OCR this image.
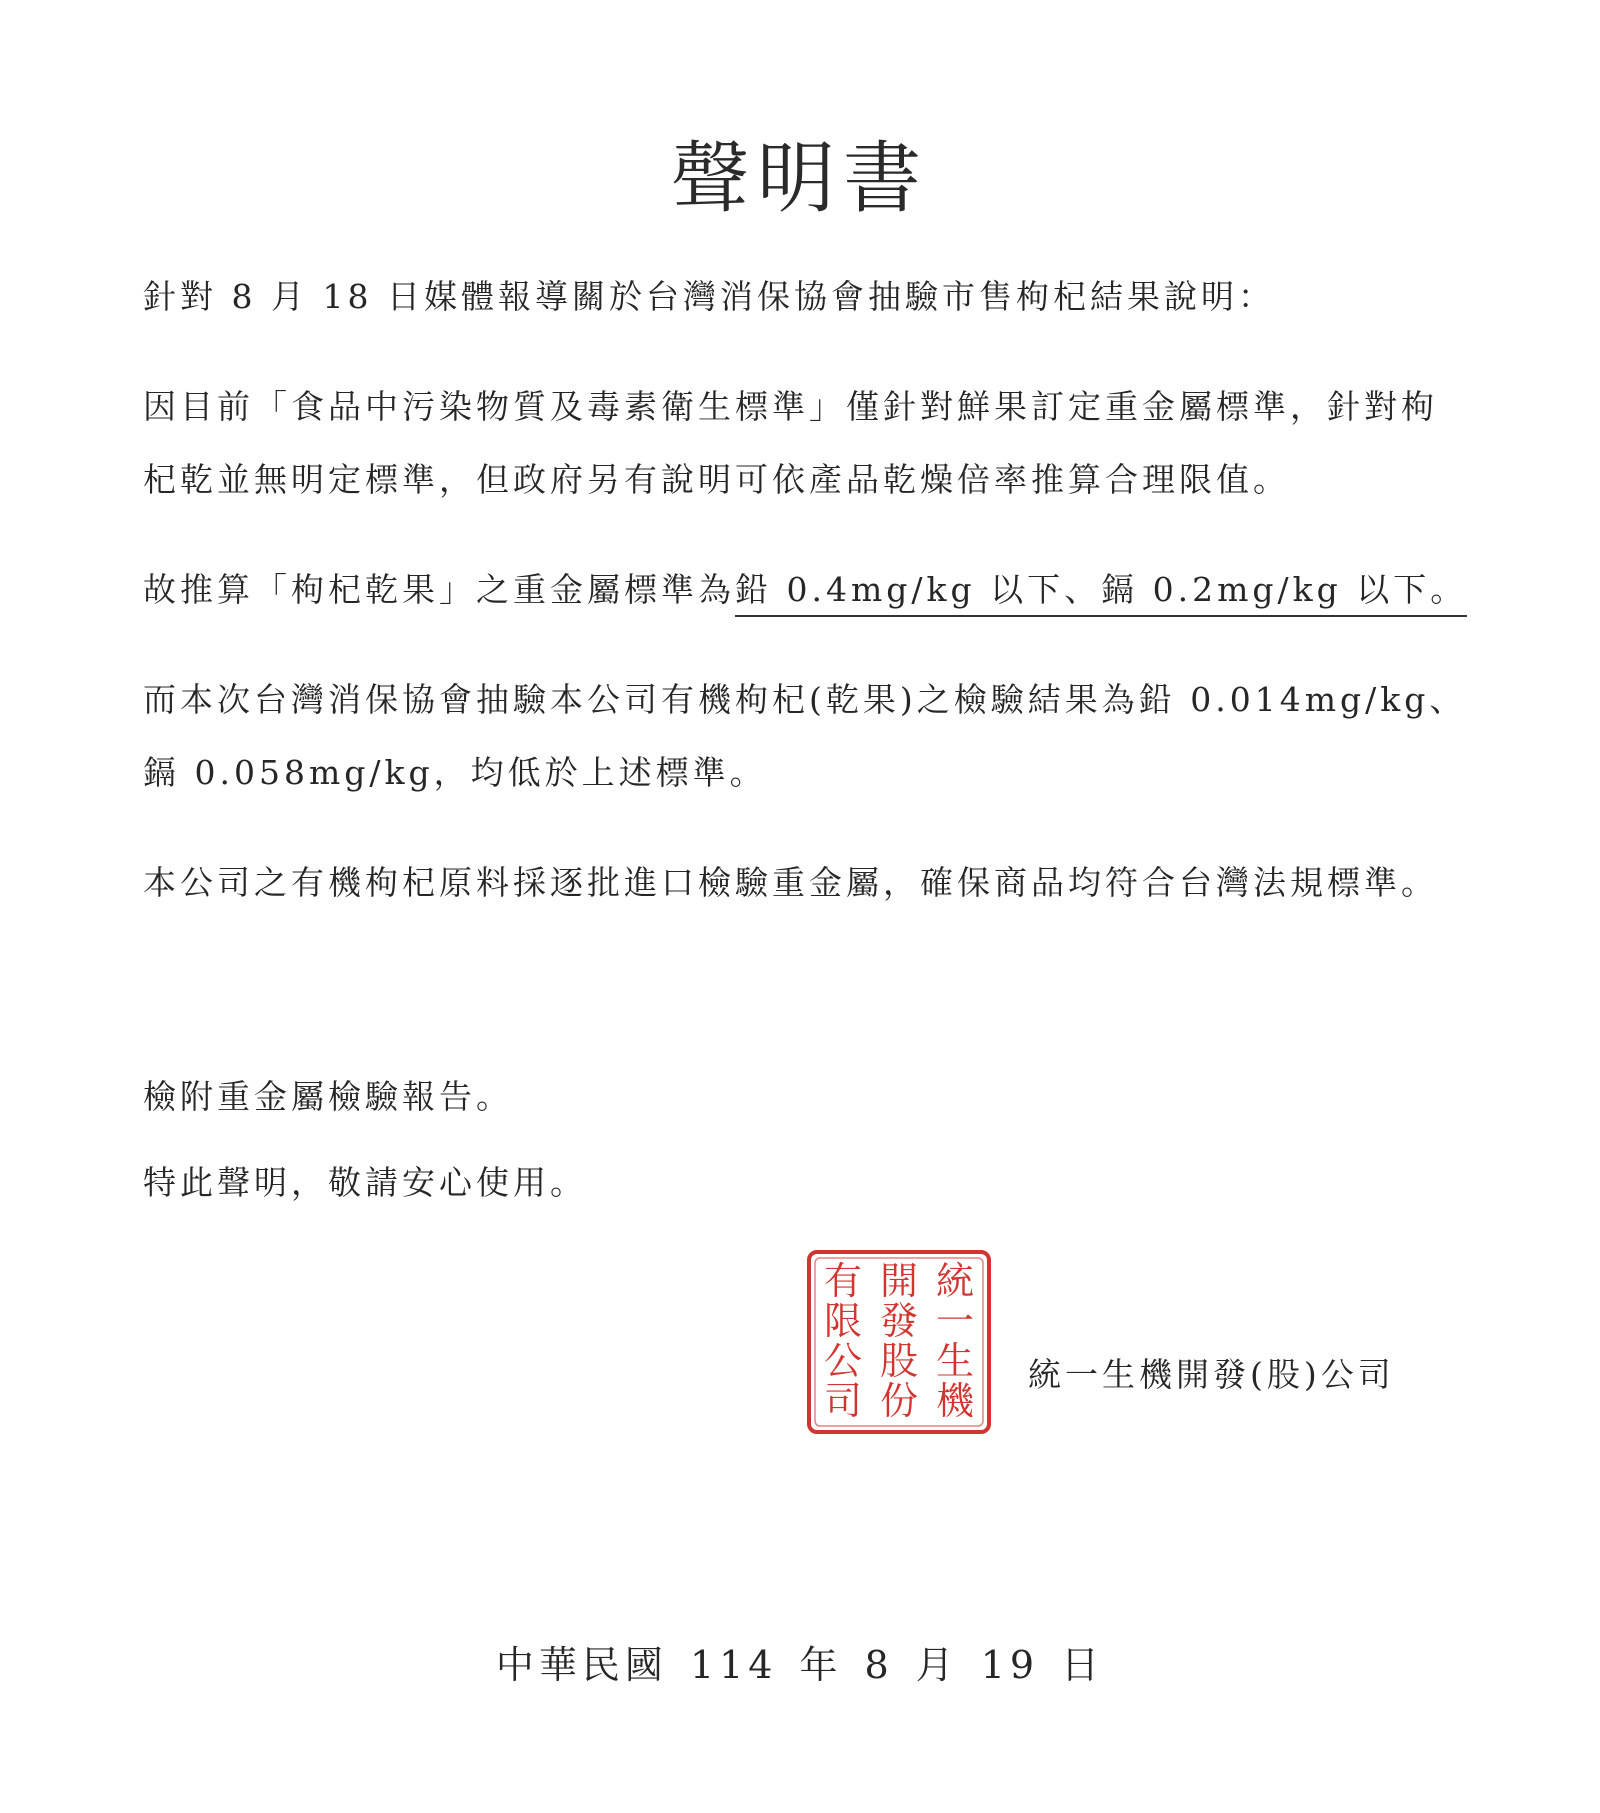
聲明書
針對 8 月 18 日媒體報導關於台灣消保協會抽驗市售枸杞結果說明：
因目前「食品中污染物質及毒素衛生標準」僅針對鮮果訂定重金屬標準，針對枸
杞乾並無明定標準，但政府另有說明可依產品乾燥倍率推算合理限值。
故推算「枸杞乾果」之重金屬標準為鉛 0.4mg/kg 以下、鎘 0.2mg/kg 以下。
而本次台灣消保協會抽驗本公司有機枸杞(乾果)之檢驗結果為鉛 0.014mg/kg、
鎘 0.058mg/kg，均低於上述標準。
本公司之有機枸杞原料採逐批進口檢驗重金屬，確保商品均符合台灣法規標準。
檢附重金屬檢驗報告。
特此聲明，敬請安心使用。
統
一
生
機
開
發
股
份
有
限
公
司
統一生機開發(股)公司
中華民國 114 年 8 月 19 日
